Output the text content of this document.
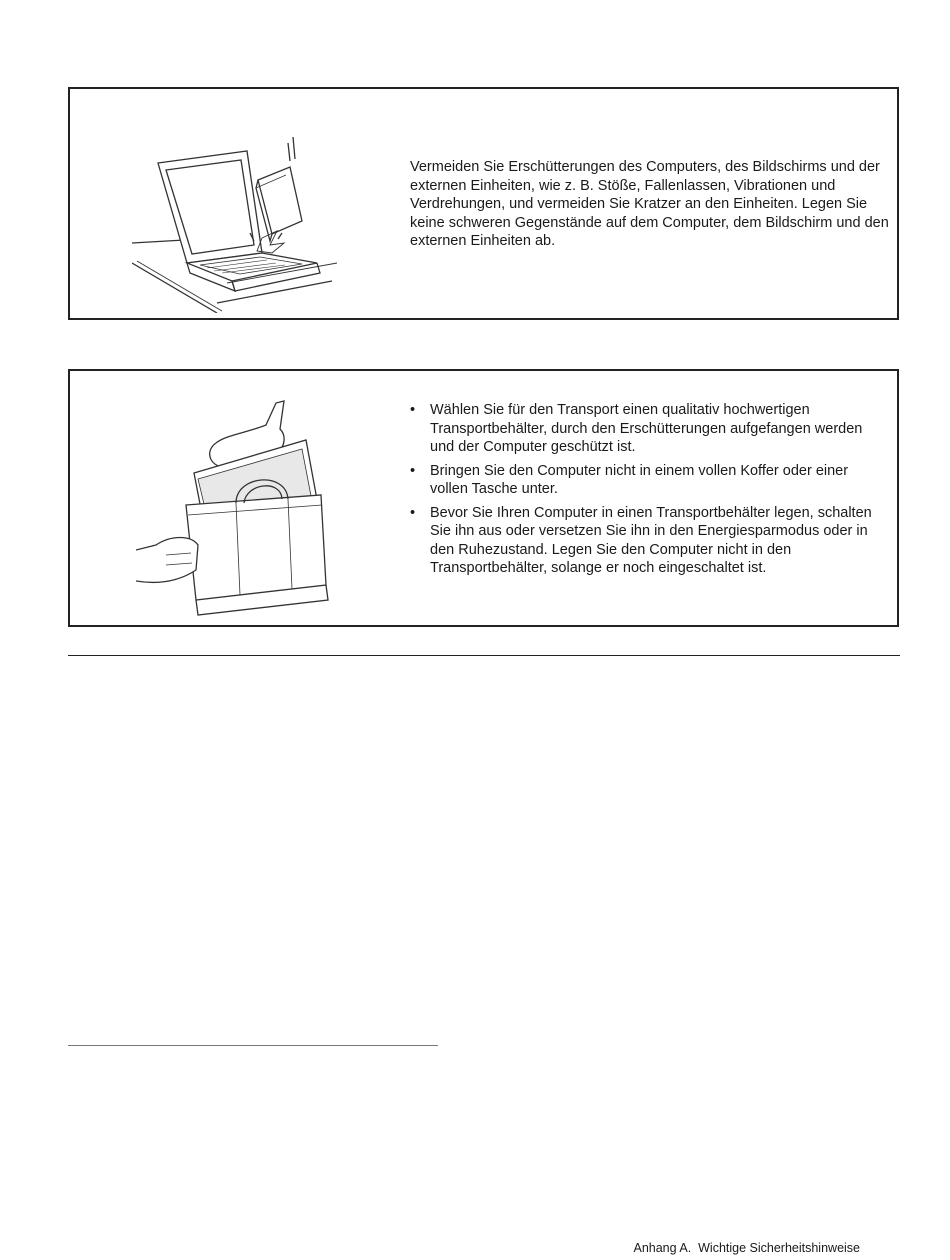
Vermeiden Sie Erschütterungen des Computers, des Bildschirms und der externen Einheiten, wie z. B. Stöße, Fallenlassen, Vibrationen und Verdrehungen, und vermeiden Sie Kratzer an den Einheiten. Legen Sie keine schweren Gegenstände auf dem Computer, dem Bildschirm und den externen Einheiten ab.
• Wählen Sie für den Transport einen qualitativ hochwertigen Transportbehälter, durch den Erschütterungen aufgefangen werden und der Computer geschützt ist.
• Bringen Sie den Computer nicht in einem vollen Koffer oder einer vollen Tasche unter.
• Bevor Sie Ihren Computer in einen Transportbehälter legen, schalten Sie ihn aus oder versetzen Sie ihn in den Energiesparmodus oder in den Ruhezustand. Legen Sie den Computer nicht in den Transportbehälter, solange er noch eingeschaltet ist.
Anhang A.  Wichtige Sicherheitshinweise
